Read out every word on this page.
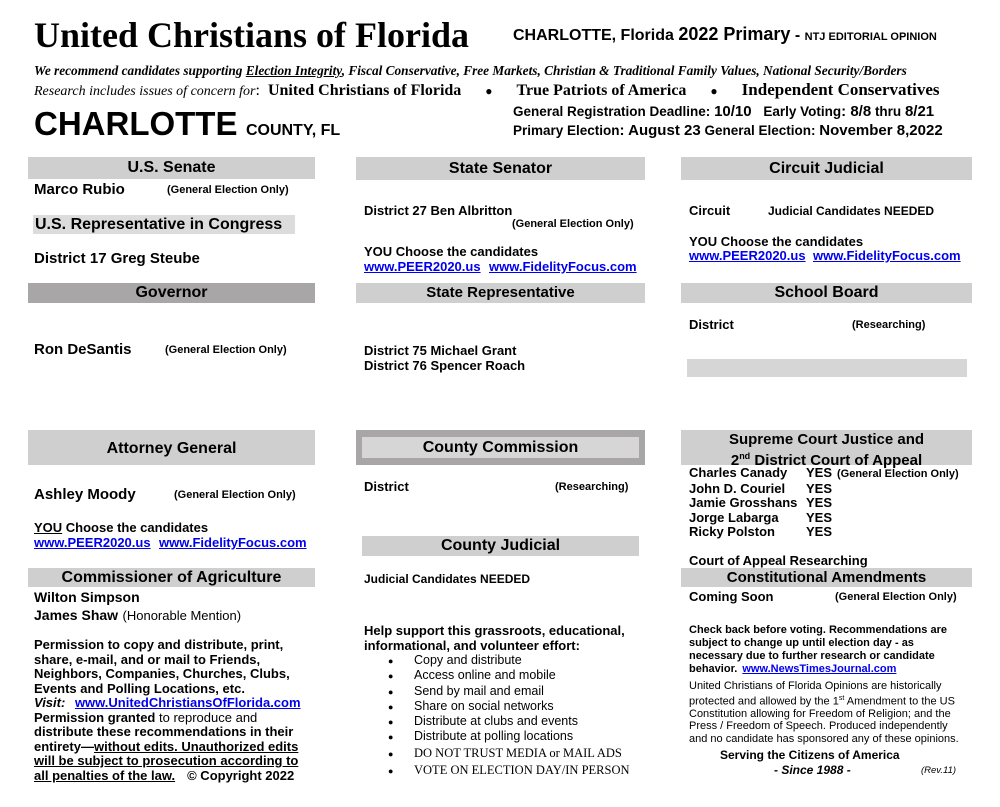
United Christians of Florida	CHARLOTTE, Florida 2022 Primary - NTJ EDITORIAL OPINION
We recommend candidates supporting Election Integrity, Fiscal Conservative, Free Markets, Christian & Traditional Family Values, National Security/Borders
Research includes issues of concern for: United Christians of Florida ● True Patriots of America ● Independent Conservatives
CHARLOTTE COUNTY, FL
General Registration Deadline: 10/10 Early Voting: 8/8 thru 8/21
Primary Election: August 23 General Election: November 8,2022
U.S. Senate
Marco Rubio	(General Election Only)
U.S. Representative in Congress
District 17 Greg Steube
Governor
Ron DeSantis	(General Election Only)
Attorney General
Ashley Moody	(General Election Only)
YOU Choose the candidates
www.PEER2020.us www.FidelityFocus.com
Commissioner of Agriculture
Wilton Simpson
James Shaw (Honorable Mention)
Permission to copy and distribute, print,
share, e-mail, and or mail to Friends,
Neighbors, Companies, Churches, Clubs,
Events and Polling Locations, etc.
Visit: www.UnitedChristiansOfFlorida.com
Permission granted to reproduce and
distribute these recommendations in their
entirety—without edits. Unauthorized edits
will be subject to prosecution according to
all penalties of the law. © Copyright 2022
State Senator
District 27 Ben Albritton
(General Election Only)
YOU Choose the candidates
www.PEER2020.us www.FidelityFocus.com
State Representative
District 75 Michael Grant
District 76 Spencer Roach
County Commission
District	(Researching)
County Judicial
Judicial Candidates NEEDED
Help support this grassroots, educational,
informational, and volunteer effort:
● Copy and distribute
● Access online and mobile
● Send by mail and email
● Share on social networks
● Distribute at clubs and events
● Distribute at polling locations
● DO NOT TRUST MEDIA or MAIL ADS
● VOTE ON ELECTION DAY/IN PERSON
Circuit Judicial
Circuit	Judicial Candidates NEEDED
YOU Choose the candidates
www.PEER2020.us www.FidelityFocus.com
School Board
District	(Researching)
Supreme Court Justice and
2nd District Court of Appeal
Charles Canady YES (General Election Only)
John D. Couriel YES
Jamie Grosshans YES
Jorge Labarga YES
Ricky Polston YES
Court of Appeal Researching
Constitutional Amendments
Coming Soon	(General Election Only)
Check back before voting. Recommendations are
subject to change up until election day - as
necessary due to further research or candidate
behavior. www.NewsTimesJournal.com
United Christians of Florida Opinions are historically
protected and allowed by the 1st Amendment to the US
Constitution allowing for Freedom of Religion; and the
Press / Freedom of Speech. Produced independently
and no candidate has sponsored any of these opinions.
Serving the Citizens of America
- Since 1988 -	(Rev.11)
